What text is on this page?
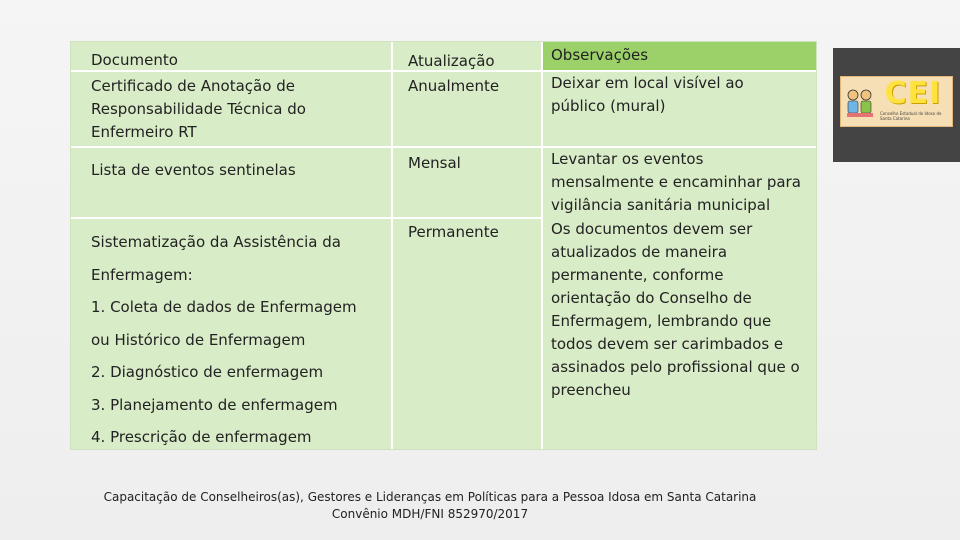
Documento	Atualização	Observações
Certificado de Anotação de
Responsabilidade Técnica do
Enfermeiro RT
Anualmente	Deixar em local visível ao
público (mural)
Lista de eventos sentinelas	Mensal	Levantar os eventos
mensalmente e encaminhar para
vigilância sanitária municipal
Sistematização da Assistência da
Enfermagem:
1. Coleta de dados de Enfermagem
ou Histórico de Enfermagem
2. Diagnóstico de enfermagem
3. Planejamento de enfermagem
4. Prescrição de enfermagem
Permanente	Os documentos devem ser
atualizados de maneira
permanente, conforme
orientação do Conselho de
Enfermagem, lembrando que
todos devem ser carimbados e
assinados pelo profissional que o
preencheu
CEI
Conselho Estadual do Idoso de Santa Catarina
Capacitação de Conselheiros(as), Gestores e Lideranças em Políticas para a Pessoa Idosa em Santa Catarina
Convênio MDH/FNI 852970/2017
